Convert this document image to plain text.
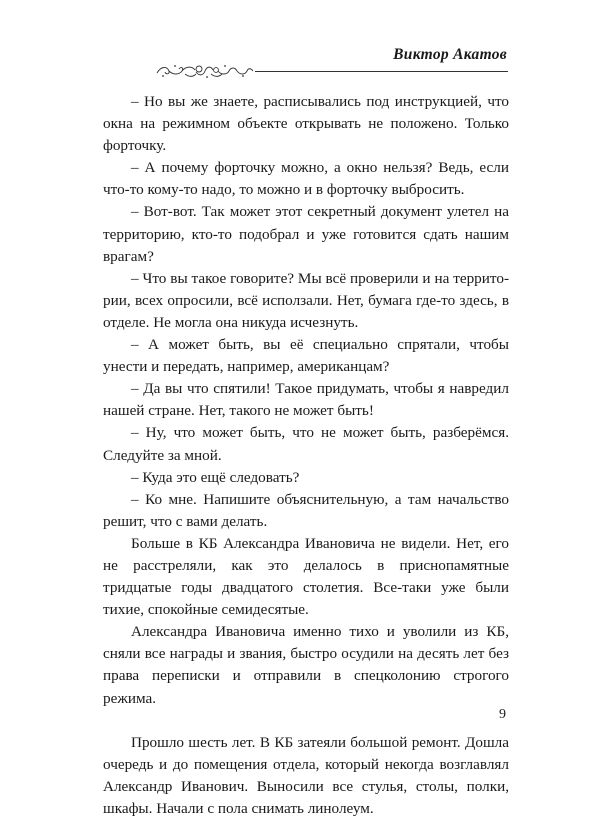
Виктор Акатов

– Но вы же знаете, расписывались под инструкцией, что окна на режимном объекте открывать не положено. Только форточку.

– А почему форточку можно, а окно нельзя? Ведь, если что-то кому-то надо, то можно и в форточку выбросить.

– Вот-вот. Так может этот секретный документ улетел на территорию, кто-то подобрал и уже готовится сдать нашим врагам?

– Что вы такое говорите? Мы всё проверили и на территории, всех опросили, всё исползали. Нет, бумага где-то здесь, в отделе. Не могла она никуда исчезнуть.

– А может быть, вы её специально спрятали, чтобы унести и передать, например, американцам?

– Да вы что спятили! Такое придумать, чтобы я навредил нашей стране. Нет, такого не может быть!

– Ну, что может быть, что не может быть, разберёмся. Следуйте за мной.

– Куда это ещё следовать?

– Ко мне. Напишите объяснительную, а там начальство решит, что с вами делать.

Больше в КБ Александра Ивановича не видели. Нет, его не расстреляли, как это делалось в приснопамятные тридцатые годы двадцатого столетия. Все-таки уже были тихие, спокойные семидесятые.

Александра Ивановича именно тихо и уволили из КБ, сняли все награды и звания, быстро осудили на десять лет без права переписки и отправили в спецколонию строгого режима.

Прошло шесть лет. В КБ затеяли большой ремонт. Дошла очередь и до помещения отдела, который некогда возглавлял Александр Иванович. Выносили все стулья, столы, полки, шкафы. Начали с пола снимать линолеум.

9
